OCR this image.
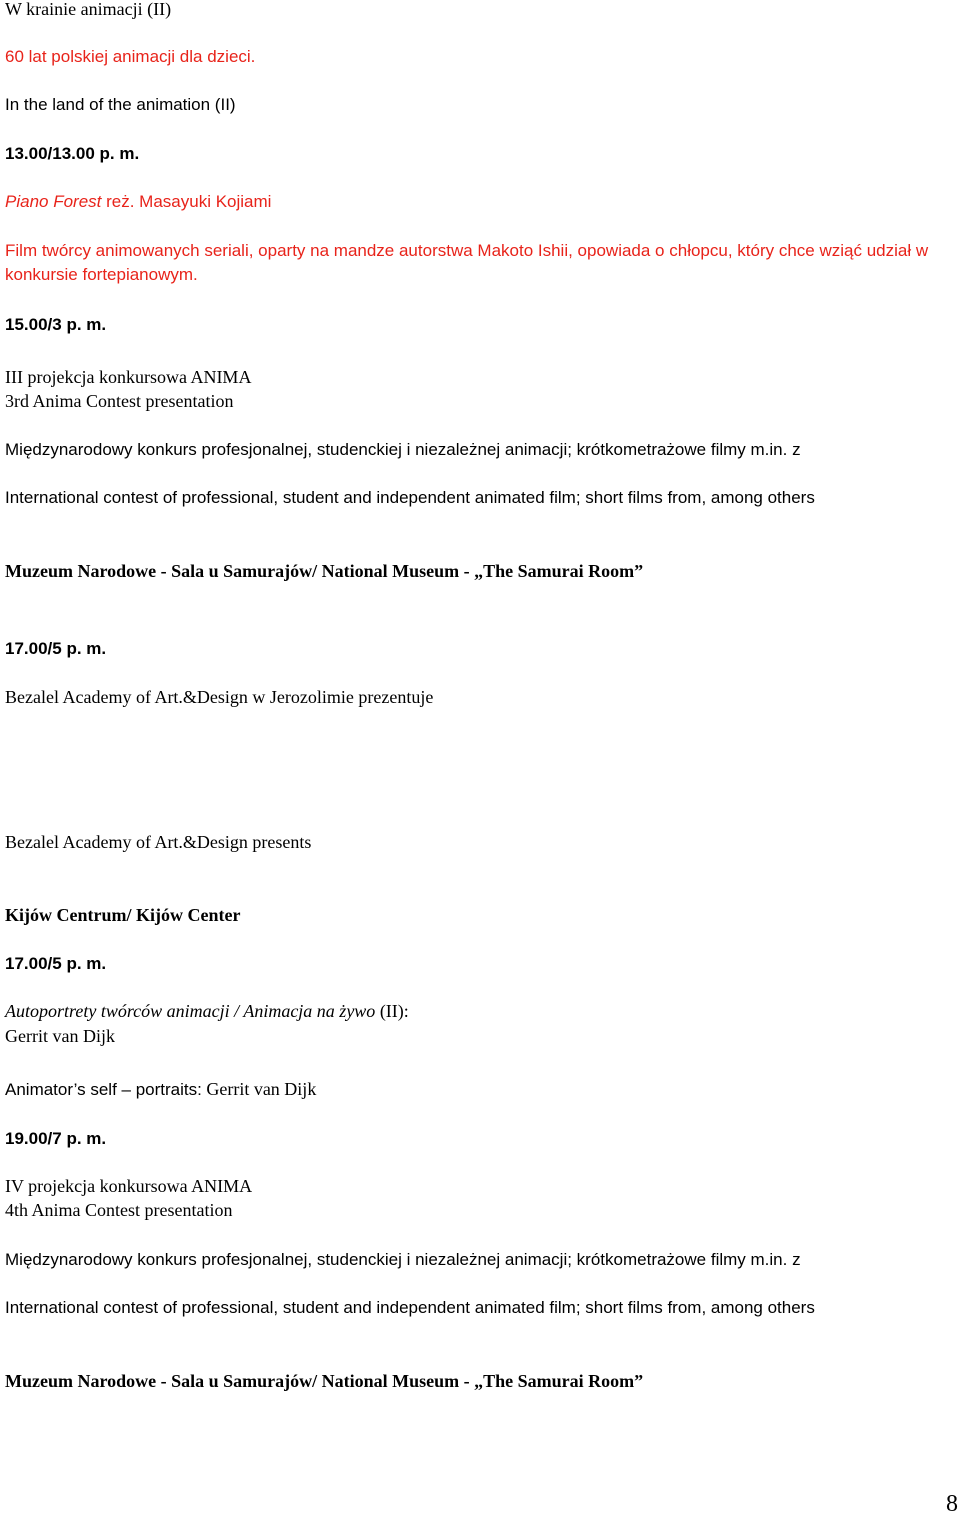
W krainie animacji (II)
60 lat polskiej animacji dla dzieci.
In the land of the animation (II)
13.00/13.00 p. m.
Piano Forest reż. Masayuki Kojiami
Film twórcy animowanych seriali, oparty na mandze autorstwa Makoto Ishii, opowiada o chłopcu, który chce wziąć udział w konkursie fortepianowym.
15.00/3 p. m.
III projekcja konkursowa ANIMA
3rd Anima Contest presentation
Międzynarodowy konkurs profesjonalnej, studenckiej i niezależnej animacji; krótkometrażowe filmy m.in. z
International contest of professional, student and independent animated film; short films from, among others
Muzeum Narodowe - Sala u Samurajów/ National Museum - „The Samurai Room”
17.00/5 p. m.
Bezalel Academy of Art.&Design w Jerozolimie prezentuje
Bezalel Academy of Art.&Design presents
Kijów Centrum/ Kijów Center
17.00/5 p. m.
Autoportrety twórców animacji / Animacja na żywo (II):
Gerrit van Dijk
Animator’s self – portraits: Gerrit van Dijk
19.00/7 p. m.
IV projekcja konkursowa ANIMA
4th Anima Contest presentation
Międzynarodowy konkurs profesjonalnej, studenckiej i niezależnej animacji; krótkometrażowe filmy m.in. z
International contest of professional, student and independent animated film; short films from, among others
Muzeum Narodowe - Sala u Samurajów/ National Museum - „The Samurai Room”
8
